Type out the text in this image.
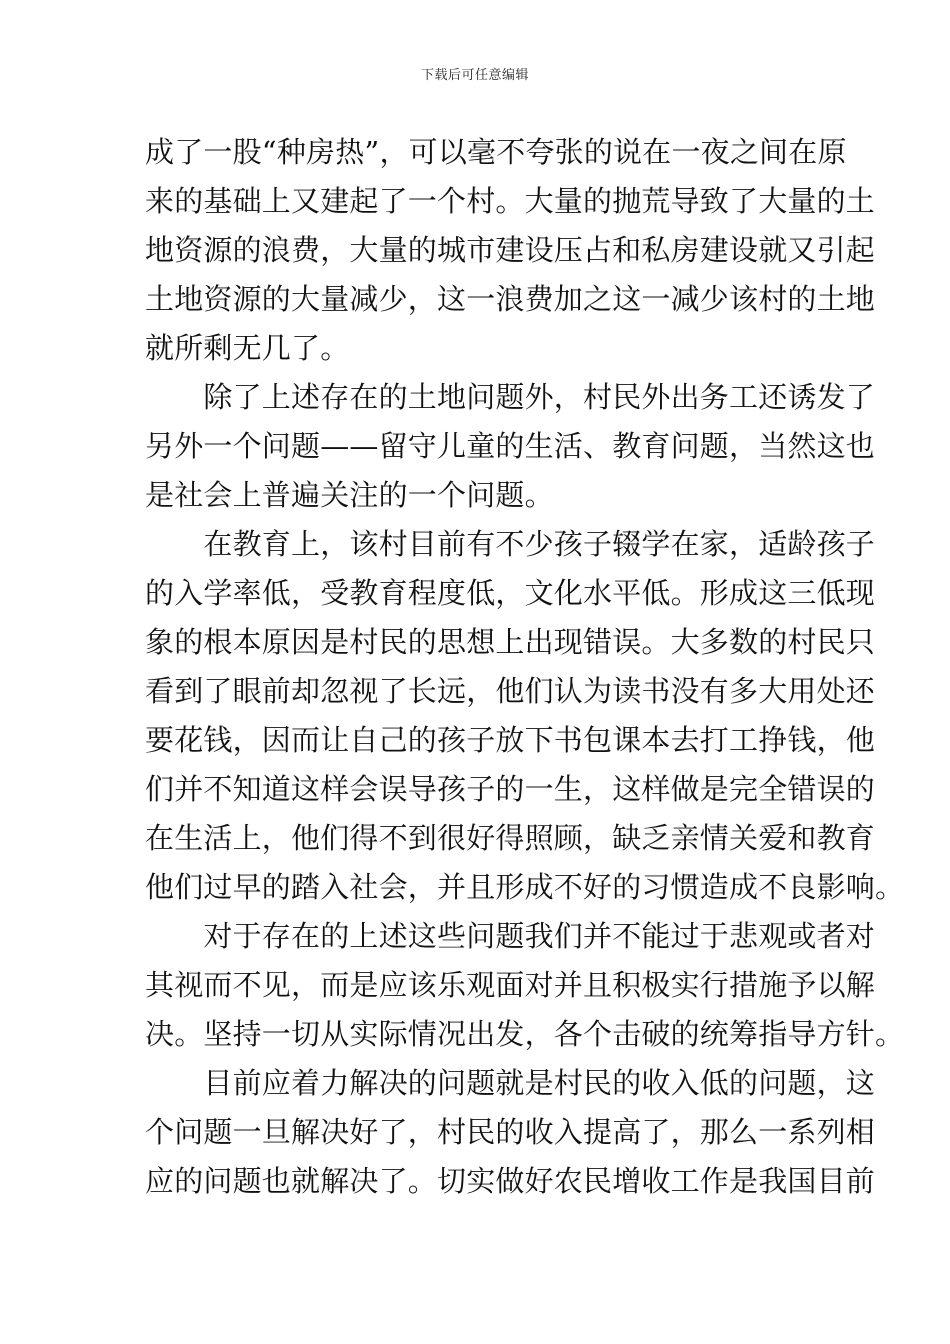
下载后可任意编辑
成了一股“种房热”，可以毫不夸张的说在一夜之间在原
来的基础上又建起了一个村。大量的抛荒导致了大量的土
地资源的浪费，大量的城市建设压占和私房建设就又引起
土地资源的大量减少，这一浪费加之这一减少该村的土地
就所剩无几了。
　　除了上述存在的土地问题外，村民外出务工还诱发了
另外一个问题——留守儿童的生活、教育问题，当然这也
是社会上普遍关注的一个问题。
　　在教育上，该村目前有不少孩子辍学在家，适龄孩子
的入学率低，受教育程度低，文化水平低。形成这三低现
象的根本原因是村民的思想上出现错误。大多数的村民只
看到了眼前却忽视了长远，他们认为读书没有多大用处还
要花钱，因而让自己的孩子放下书包课本去打工挣钱，他
们并不知道这样会误导孩子的一生，这样做是完全错误的
在生活上，他们得不到很好得照顾，缺乏亲情关爱和教育
他们过早的踏入社会，并且形成不好的习惯造成不良影响。
　　对于存在的上述这些问题我们并不能过于悲观或者对
其视而不见，而是应该乐观面对并且积极实行措施予以解
决。坚持一切从实际情况出发，各个击破的统筹指导方针。
　　目前应着力解决的问题就是村民的收入低的问题，这
个问题一旦解决好了，村民的收入提高了，那么一系列相
应的问题也就解决了。切实做好农民增收工作是我国目前
